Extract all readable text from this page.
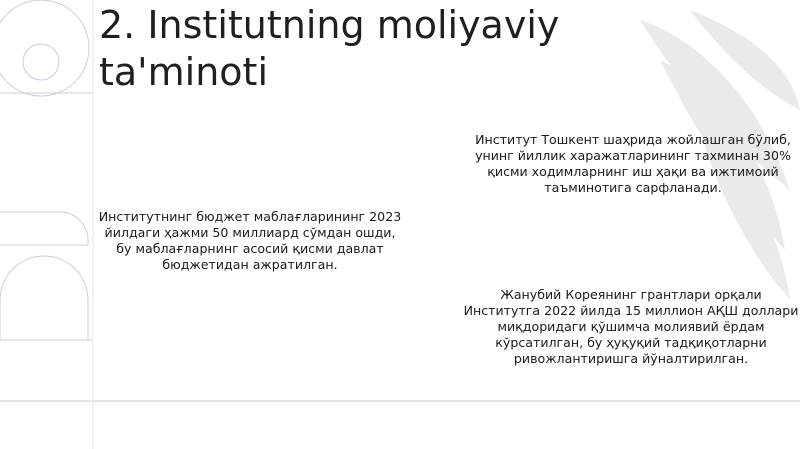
2. Institutning moliyaviy ta'minoti

Институтнинг бюджет маблағларининг 2023 йилдаги ҳажми 50 миллиард сўмдан ошди, бу маблағларнинг асосий қисми давлат бюджетидан ажратилган.

Институт Тошкент шаҳрида жойлашган бўлиб, унинг йиллик харажатларининг тахминан 30% қисми ходимларнинг иш ҳақи ва ижтимоий таъминотига сарфланади.

Жанубий Кореянинг грантлари орқали Институтга 2022 йилда 15 миллион АҚШ доллари миқдоридаги қўшимча молиявий ёрдам кўрсатилган, бу ҳуқуқий тадқиқотларни ривожлантиришга йўналтирилган.
